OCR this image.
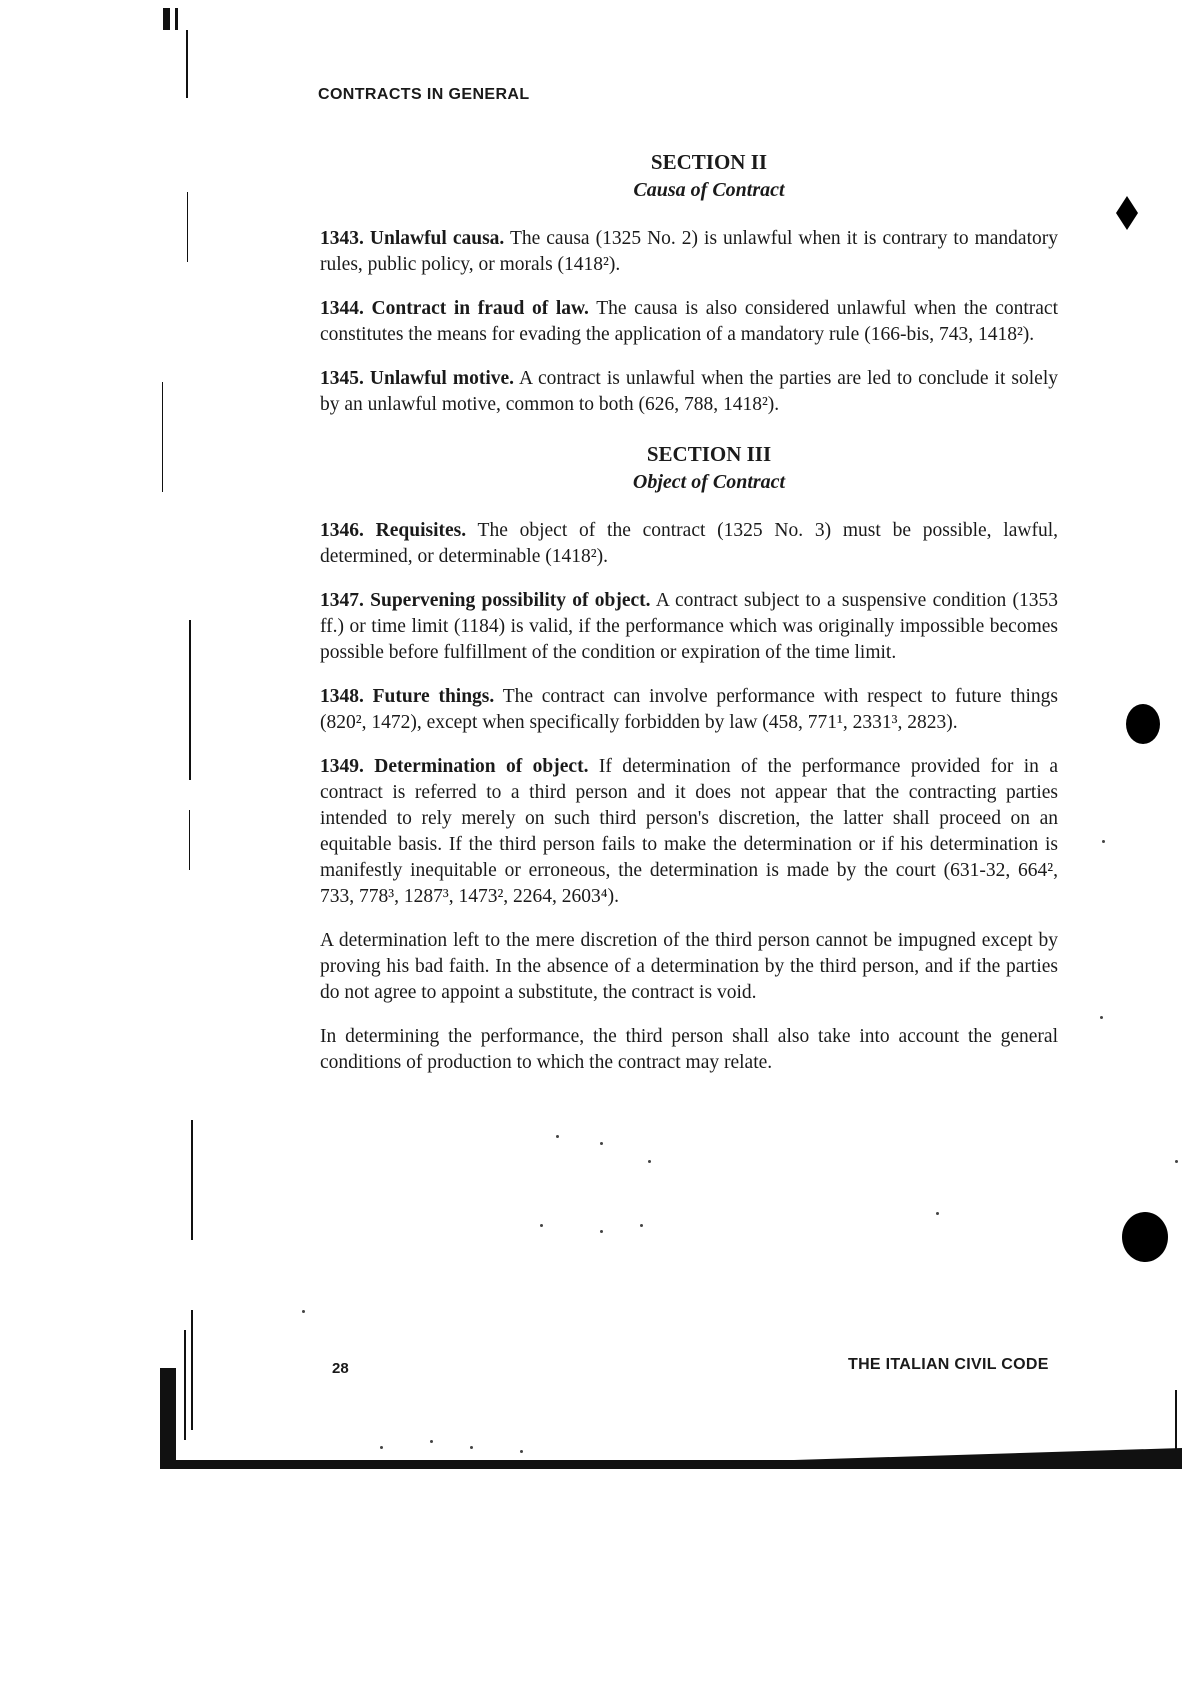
CONTRACTS IN GENERAL

SECTION II
Causa of Contract

1343. Unlawful causa. The causa (1325 No. 2) is unlawful when it is contrary to mandatory rules, public policy, or morals (1418²).

1344. Contract in fraud of law. The causa is also considered unlawful when the contract constitutes the means for evading the application of a mandatory rule (166-bis, 743, 1418²).

1345. Unlawful motive. A contract is unlawful when the parties are led to conclude it solely by an unlawful motive, common to both (626, 788, 1418²).

SECTION III
Object of Contract

1346. Requisites. The object of the contract (1325 No. 3) must be possible, lawful, determined, or determinable (1418²).

1347. Supervening possibility of object. A contract subject to a suspensive condition (1353 ff.) or time limit (1184) is valid, if the performance which was originally impossible becomes possible before fulfillment of the condition or expiration of the time limit.

1348. Future things. The contract can involve performance with respect to future things (820², 1472), except when specifically forbidden by law (458, 771¹, 2331³, 2823).

1349. Determination of object. If determination of the performance provided for in a contract is referred to a third person and it does not appear that the contracting parties intended to rely merely on such third person's discretion, the latter shall proceed on an equitable basis. If the third person fails to make the determination or if his determination is manifestly inequitable or erroneous, the determination is made by the court (631-32, 664², 733, 778³, 1287³, 1473², 2264, 2603⁴).

A determination left to the mere discretion of the third person cannot be impugned except by proving his bad faith. In the absence of a determination by the third person, and if the parties do not agree to appoint a substitute, the contract is void.

In determining the performance, the third person shall also take into account the general conditions of production to which the contract may relate.

28	THE ITALIAN CIVIL CODE
